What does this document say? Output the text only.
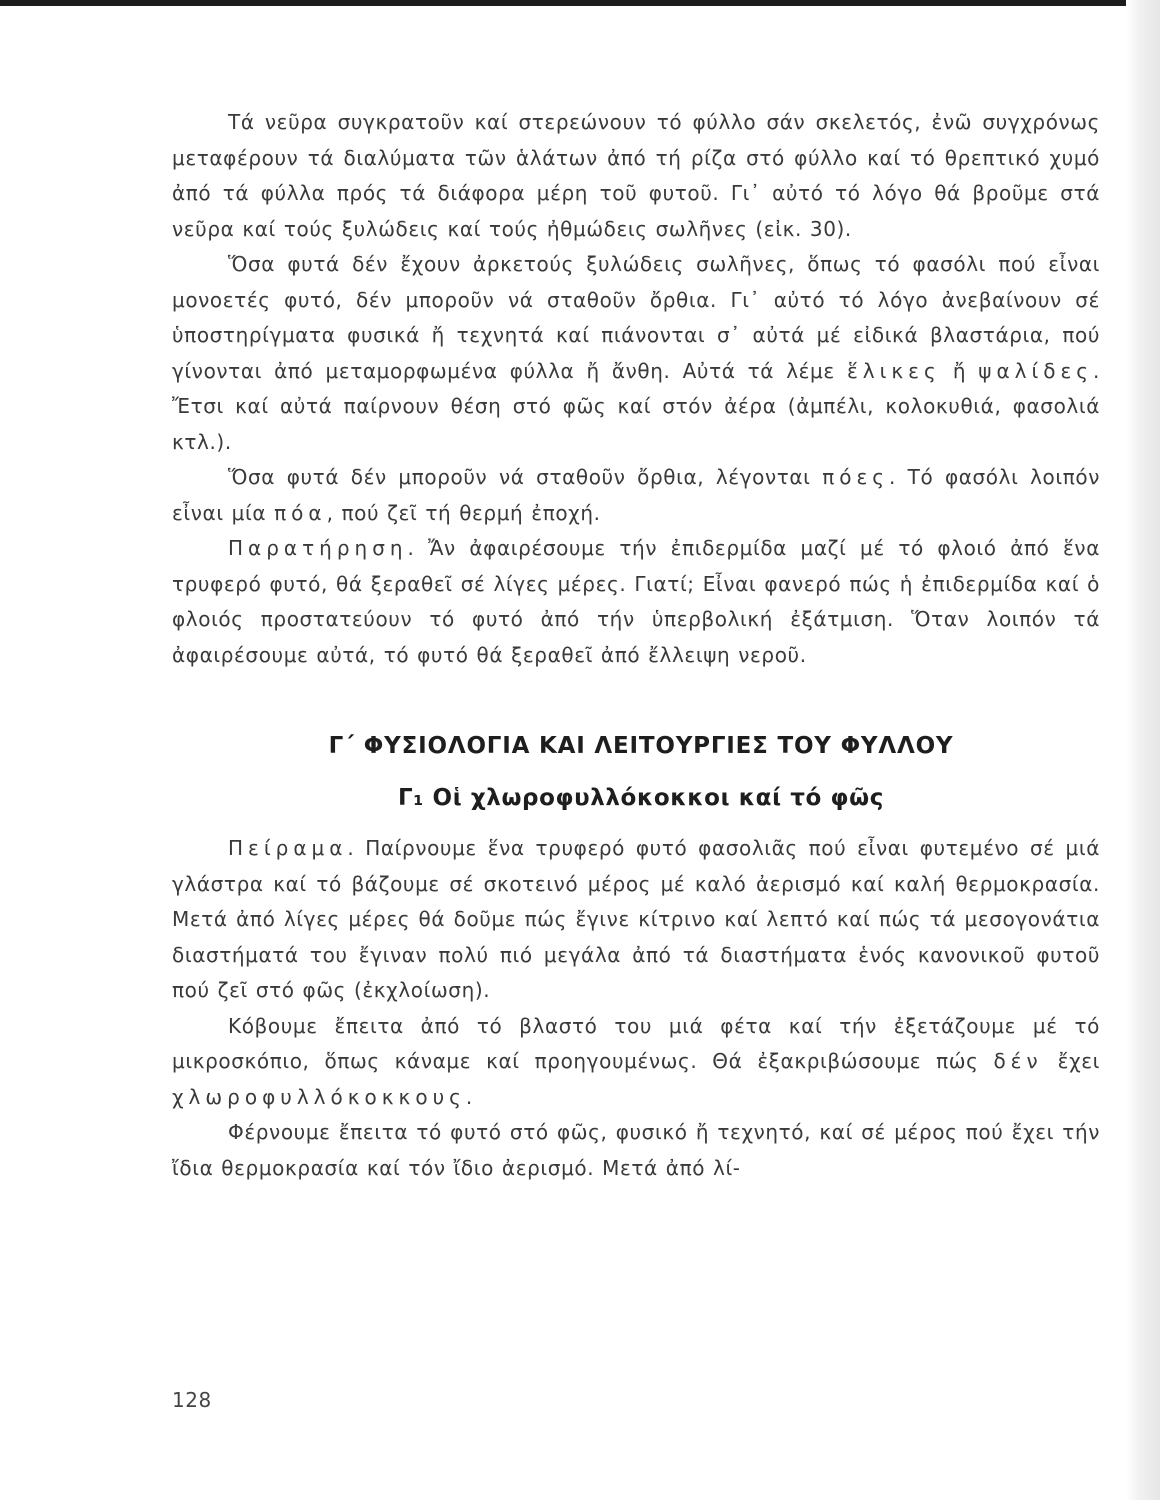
Τά νεῦρα συγκρατοῦν καί στερεώνουν τό φύλλο σάν σκελετός, ἐνῶ συγχρόνως μεταφέρουν τά διαλύματα τῶν ἁλάτων ἀπό τή ρίζα στό φύλλο καί τό θρεπτικό χυμό ἀπό τά φύλλα πρός τά διάφορα μέρη τοῦ φυτοῦ. Γι᾽ αὐτό τό λόγο θά βροῦμε στά νεῦρα καί τούς ξυλώδεις καί τούς ἠθμώδεις σωλῆνες (εἰκ. 30).

Ὅσα φυτά δέν ἔχουν ἀρκετούς ξυλώδεις σωλῆνες, ὅπως τό φασόλι πού εἶναι μονοετές φυτό, δέν μποροῦν νά σταθοῦν ὄρθια. Γι᾽ αὐτό τό λόγο ἀνεβαίνουν σέ ὑποστηρίγματα φυσικά ἤ τεχνητά καί πιάνονται σ᾽ αὐτά μέ εἰδικά βλαστάρια, πού γίνονται ἀπό μεταμορφωμένα φύλλα ἤ ἄνθη. Αὐτά τά λέμε ἕλικες ἤ ψαλίδες. Ἔτσι καί αὐτά παίρνουν θέση στό φῶς καί στόν ἀέρα (ἀμπέλι, κολοκυθιά, φασολιά κτλ.).

Ὅσα φυτά δέν μποροῦν νά σταθοῦν ὄρθια, λέγονται πόες. Τό φασόλι λοιπόν εἶναι μία πόα, πού ζεῖ τή θερμή ἐποχή.

Παρατήρηση. Ἄν ἀφαιρέσουμε τήν ἐπιδερμίδα μαζί μέ τό φλοιό ἀπό ἕνα τρυφερό φυτό, θά ξεραθεῖ σέ λίγες μέρες. Γιατί; Εἶναι φανερό πώς ἡ ἐπιδερμίδα καί ὁ φλοιός προστατεύουν τό φυτό ἀπό τήν ὑπερβολική ἐξάτμιση. Ὅταν λοιπόν τά ἀφαιρέσουμε αὐτά, τό φυτό θά ξεραθεῖ ἀπό ἔλλειψη νεροῦ.

Γ΄ ΦΥΣΙΟΛΟΓΙΑ ΚΑΙ ΛΕΙΤΟΥΡΓΙΕΣ ΤΟΥ ΦΥΛΛΟΥ
Γ₁ Οἱ χλωροφυλλόκοκκοι καί τό φῶς

Πείραμα. Παίρνουμε ἕνα τρυφερό φυτό φασολιᾶς πού εἶναι φυτεμένο σέ μιά γλάστρα καί τό βάζουμε σέ σκοτεινό μέρος μέ καλό ἀερισμό καί καλή θερμοκρασία. Μετά ἀπό λίγες μέρες θά δοῦμε πώς ἔγινε κίτρινο καί λεπτό καί πώς τά μεσογονάτια διαστήματά του ἔγιναν πολύ πιό μεγάλα ἀπό τά διαστήματα ἑνός κανονικοῦ φυτοῦ πού ζεῖ στό φῶς (ἐκχλοίωση).

Κόβουμε ἔπειτα ἀπό τό βλαστό του μιά φέτα καί τήν ἐξετάζουμε μέ τό μικροσκόπιο, ὅπως κάναμε καί προηγουμένως. Θά ἐξακριβώσουμε πώς δέν ἔχει χλωροφυλλόκοκκους.

Φέρνουμε ἔπειτα τό φυτό στό φῶς, φυσικό ἤ τεχνητό, καί σέ μέρος πού ἔχει τήν ἴδια θερμοκρασία καί τόν ἴδιο ἀερισμό. Μετά ἀπό λί-

128
